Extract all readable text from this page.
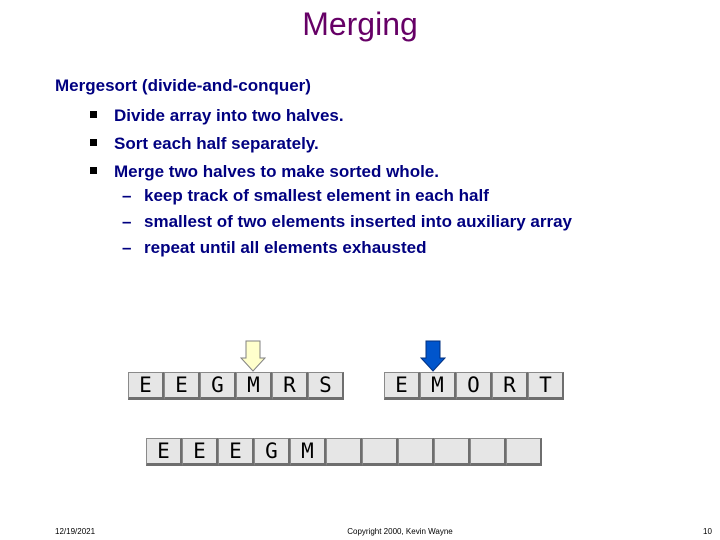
Merging
Mergesort (divide-and-conquer)
Divide array into two halves.
Sort each half separately.
Merge two halves to make sorted whole.
– keep track of smallest element in each half
– smallest of two elements inserted into auxiliary array
– repeat until all elements exhausted
E	E	G	M	R	S	E	M	O	R	T
E	E	E	G	M
12/19/2021	Copyright 2000, Kevin Wayne	10
